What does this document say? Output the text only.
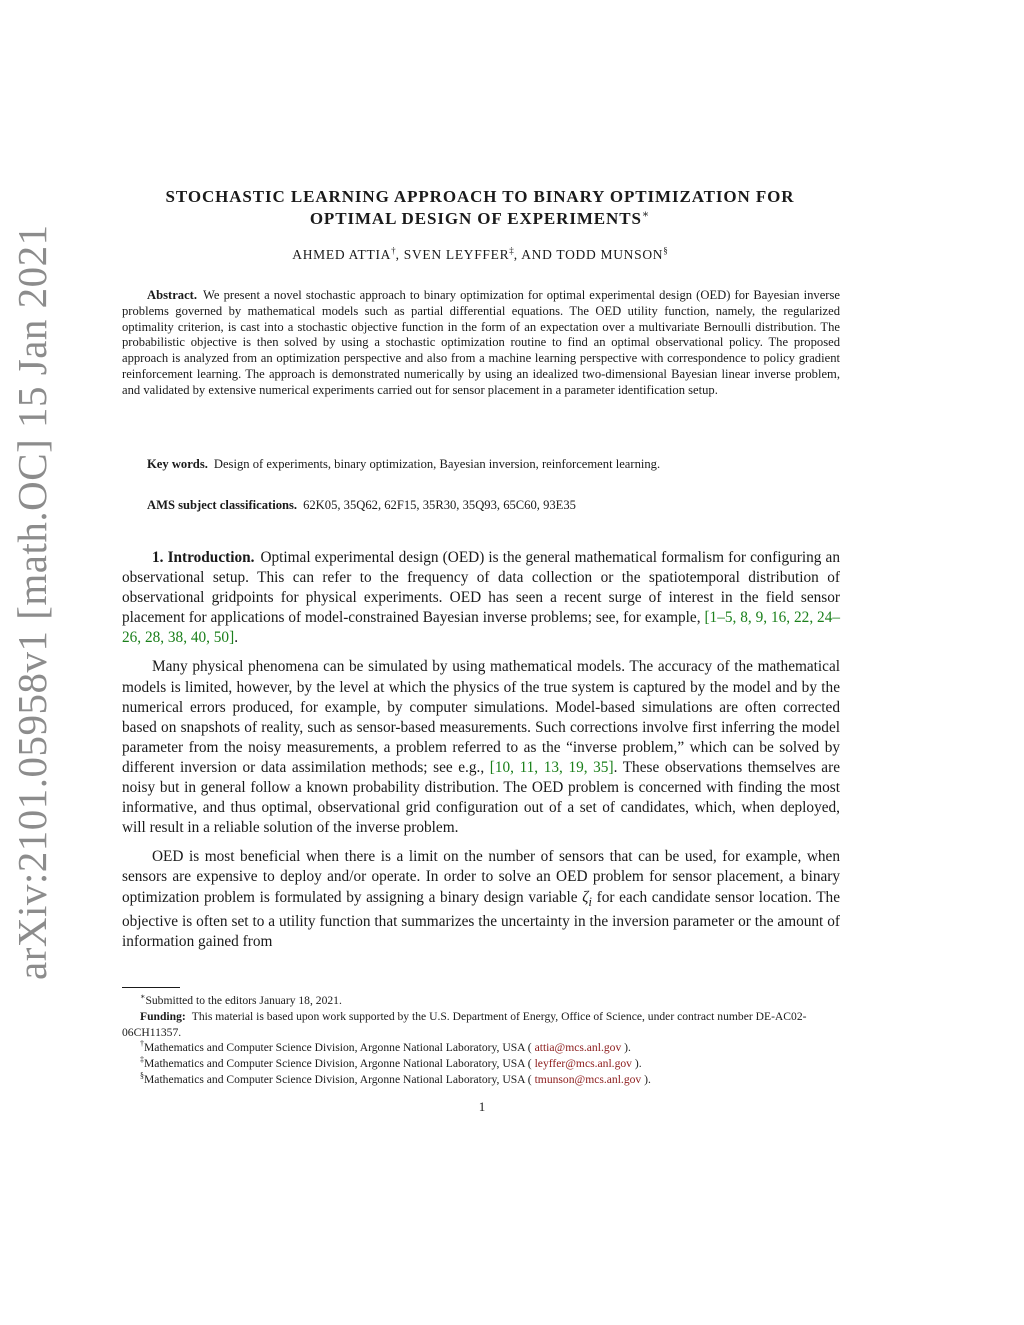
arXiv:2101.05958v1 [math.OC] 15 Jan 2021
STOCHASTIC LEARNING APPROACH TO BINARY OPTIMIZATION FOR
OPTIMAL DESIGN OF EXPERIMENTS∗
AHMED ATTIA†, SVEN LEYFFER‡, AND TODD MUNSON§
Abstract. We present a novel stochastic approach to binary optimization for optimal experimental design (OED) for Bayesian inverse problems governed by mathematical models such as partial differential equations. The OED utility function, namely, the regularized optimality criterion, is cast into a stochastic objective function in the form of an expectation over a multivariate Bernoulli distribution. The probabilistic objective is then solved by using a stochastic optimization routine to find an optimal observational policy. The proposed approach is analyzed from an optimization perspective and also from a machine learning perspective with correspondence to policy gradient reinforcement learning. The approach is demonstrated numerically by using an idealized two-dimensional Bayesian linear inverse problem, and validated by extensive numerical experiments carried out for sensor placement in a parameter identification setup.
Key words. Design of experiments, binary optimization, Bayesian inversion, reinforcement learning.
AMS subject classifications. 62K05, 35Q62, 62F15, 35R30, 35Q93, 65C60, 93E35

1. Introduction. Optimal experimental design (OED) is the general mathematical formalism for configuring an observational setup. This can refer to the frequency of data collection or the spatiotemporal distribution of observational gridpoints for physical experiments. OED has seen a recent surge of interest in the field sensor placement for applications of model-constrained Bayesian inverse problems; see, for example, [1–5, 8, 9, 16, 22, 24–26, 28, 38, 40, 50].

Many physical phenomena can be simulated by using mathematical models. The accuracy of the mathematical models is limited, however, by the level at which the physics of the true system is captured by the model and by the numerical errors produced, for example, by computer simulations. Model-based simulations are often corrected based on snapshots of reality, such as sensor-based measurements. Such corrections involve first inferring the model parameter from the noisy measurements, a problem referred to as the “inverse problem,” which can be solved by different inversion or data assimilation methods; see e.g., [10, 11, 13, 19, 35]. These observations themselves are noisy but in general follow a known probability distribution. The OED problem is concerned with finding the most informative, and thus optimal, observational grid configuration out of a set of candidates, which, when deployed, will result in a reliable solution of the inverse problem.

OED is most beneficial when there is a limit on the number of sensors that can be used, for example, when sensors are expensive to deploy and/or operate. In order to solve an OED problem for sensor placement, a binary optimization problem is formulated by assigning a binary design variable $\zeta_i$ for each candidate sensor location. The objective is often set to a utility function that summarizes the uncertainty in the inversion parameter or the amount of information gained from

∗Submitted to the editors January 18, 2021.

Funding: This material is based upon work supported by the U.S. Department of Energy, Office of Science, under contract number DE-AC02-06CH11357.

†Mathematics and Computer Science Division, Argonne National Laboratory, USA ( attia@mcs.anl.gov ).

‡Mathematics and Computer Science Division, Argonne National Laboratory, USA ( leyffer@mcs.anl.gov ).

§Mathematics and Computer Science Division, Argonne National Laboratory, USA ( tmunson@mcs.anl.gov ).

1
